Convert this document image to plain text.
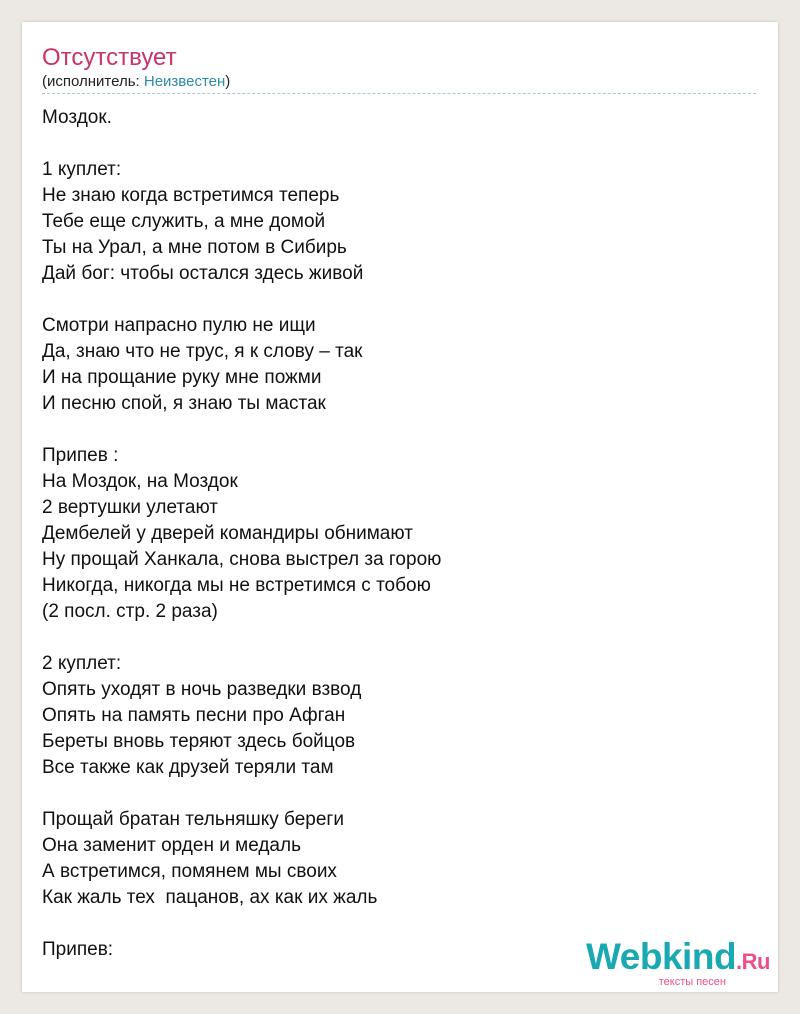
Отсутствует
(исполнитель: Неизвестен)
Моздок.

1 куплет:
Не знаю когда встретимся теперь
Тебе еще служить, а мне домой
Ты на Урал, а мне потом в Сибирь
Дай бог: чтобы остался здесь живой

Смотри напрасно пулю не ищи
Да, знаю что не трус, я к слову – так
И на прощание руку мне пожми
И песню спой, я знаю ты мастак

Припев :
На Моздок, на Моздок
2 вертушки улетают
Дембелей у дверей командиры обнимают
Ну прощай Ханкала, снова выстрел за горою
Никогда, никогда мы не встретимся с тобою
(2 посл. стр. 2 раза)

2 куплет:
Опять уходят в ночь разведки взвод
Опять на память песни про Афган
Береты вновь теряют здесь бойцов
Все также как друзей теряли там

Прощай братан тельняшку береги
Она заменит орден и медаль
А встретимся, помянем мы своих
Как жаль тех  пацанов, ах как их жаль

Припев:	Webkind.Ru
тексты песен
